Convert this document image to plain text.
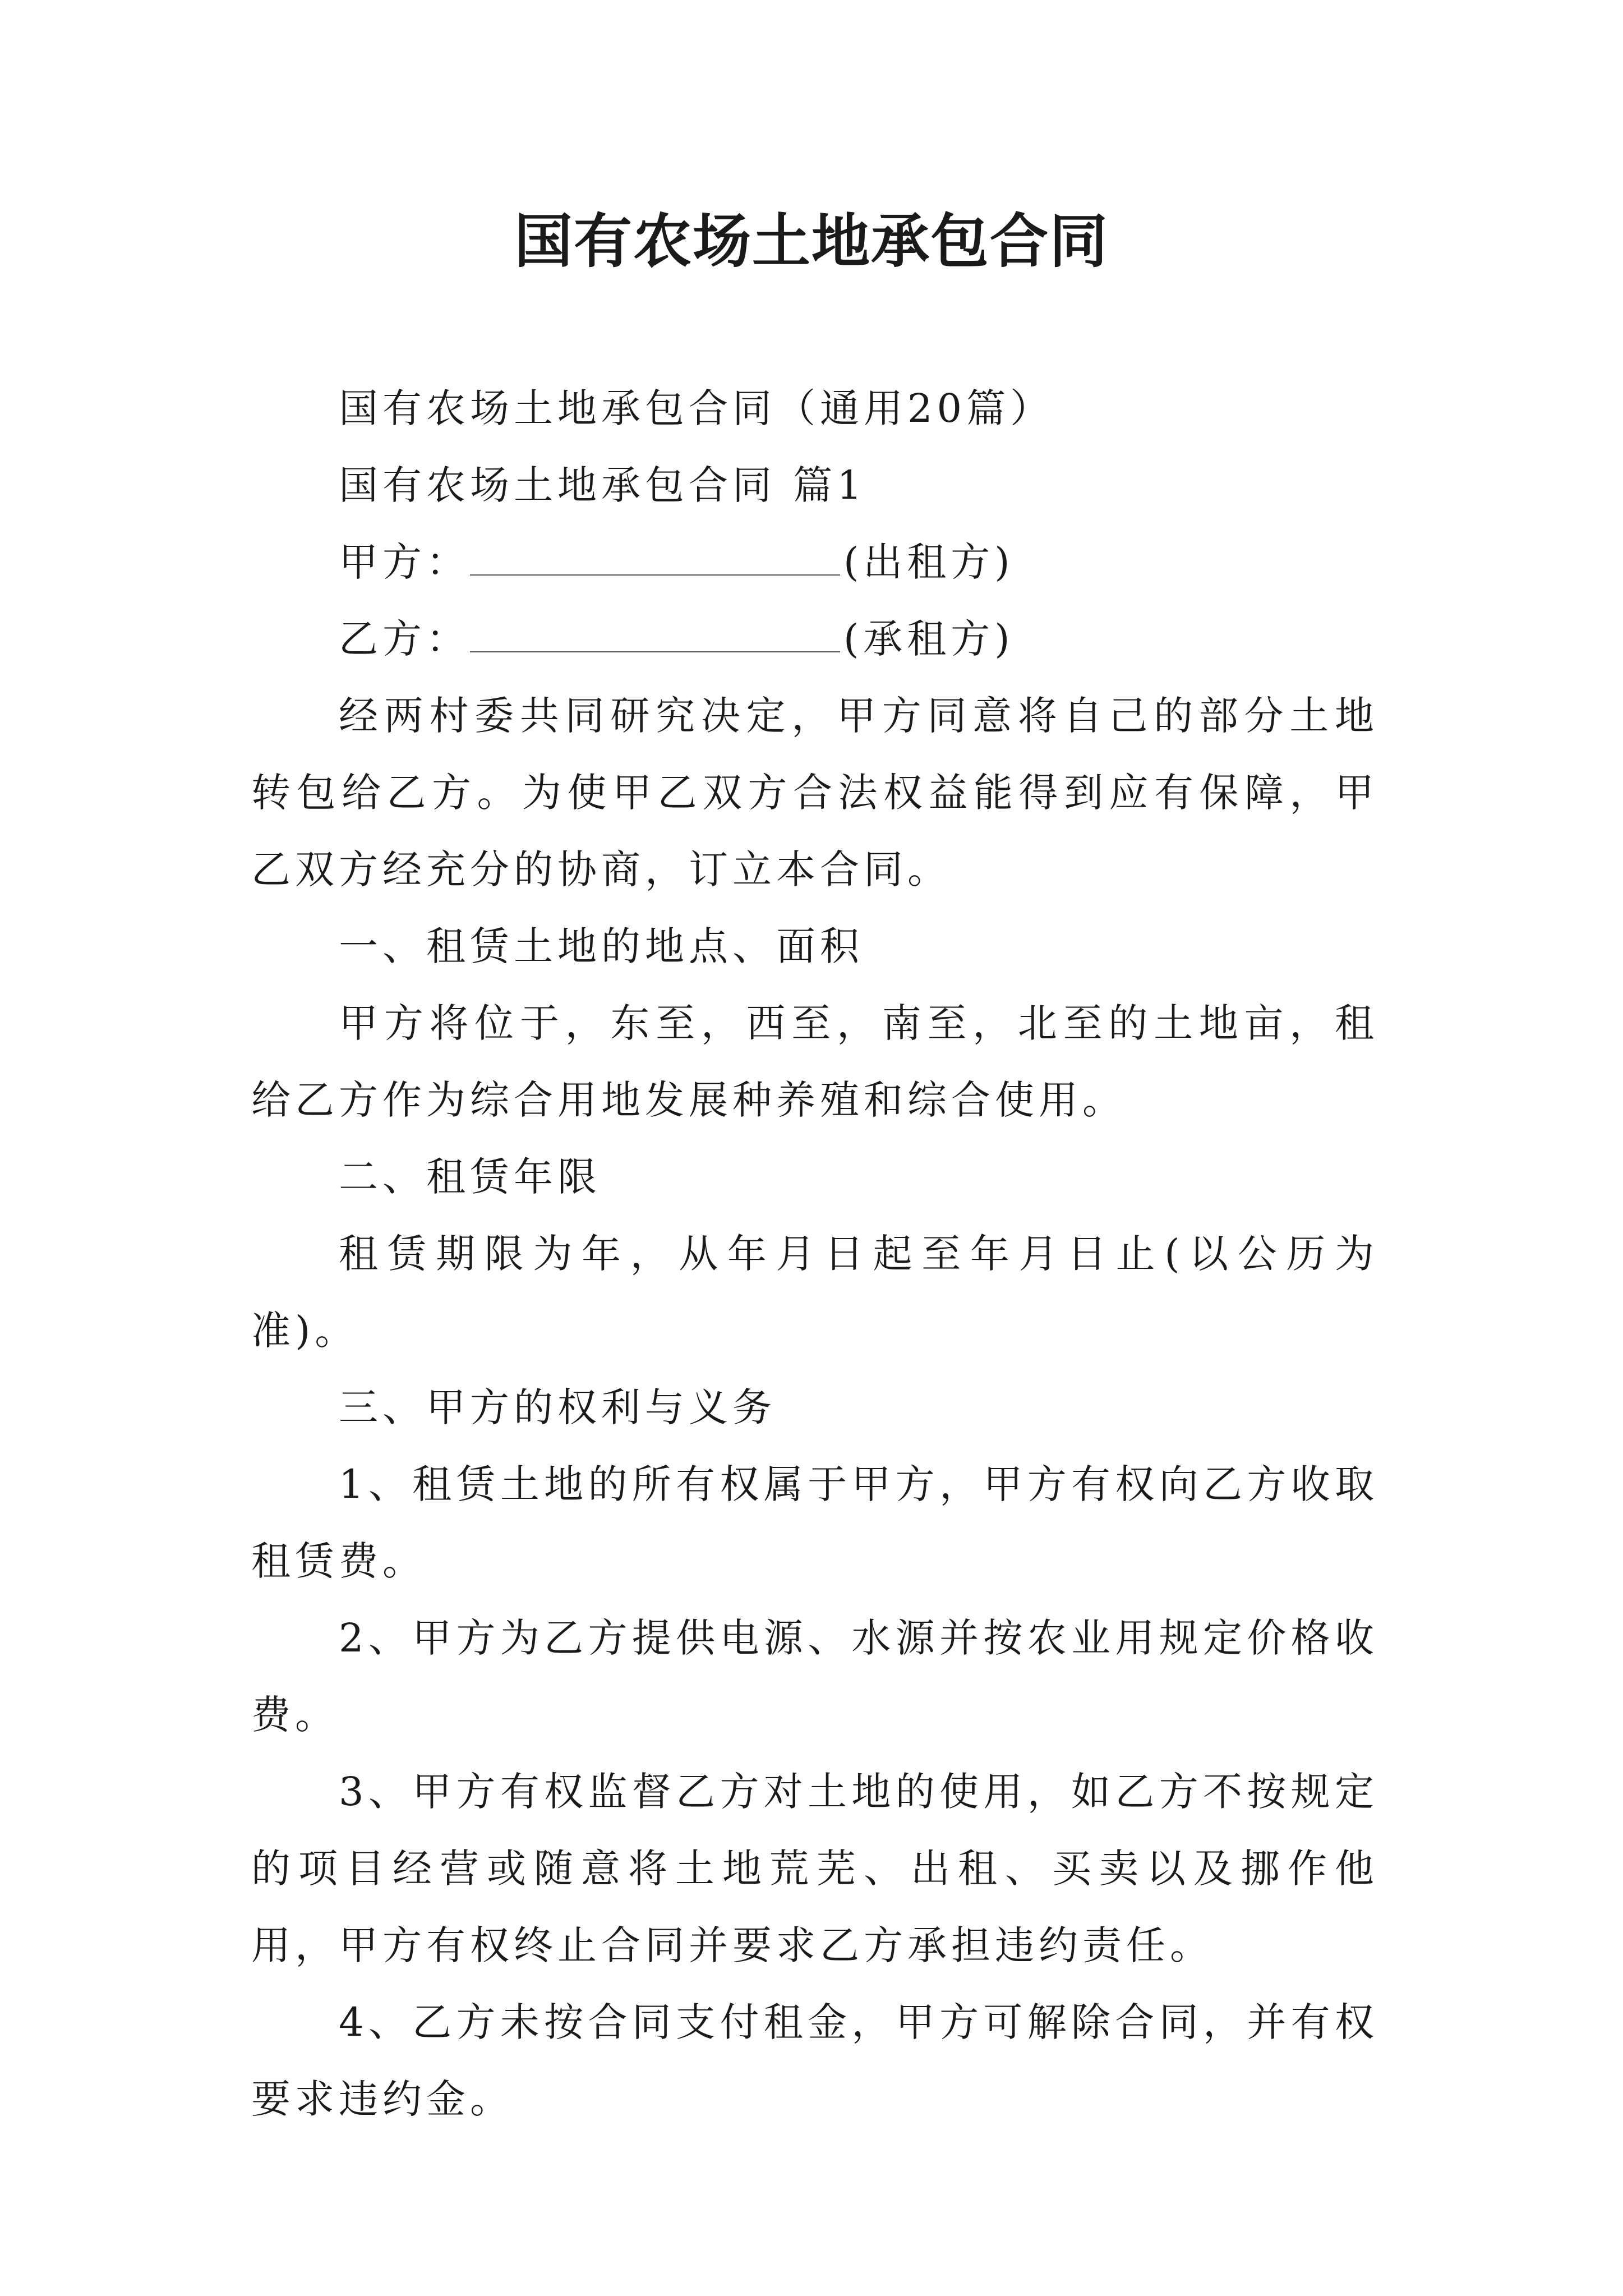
国有农场土地承包合同

国有农场土地承包合同（通用20篇）

国有农场土地承包合同 篇1

甲方：	(出租方)

乙方：	(承租方)

经两村委共同研究决定，甲方同意将自己的部分土地转包给乙方。为使甲乙双方合法权益能得到应有保障，甲乙双方经充分的协商，订立本合同。

一、租赁土地的地点、面积

甲方将位于，东至，西至，南至，北至的土地亩，租给乙方作为综合用地发展种养殖和综合使用。

二、租赁年限

租赁期限为年，从年月日起至年月日止(以公历为准)。

三、甲方的权利与义务

1、租赁土地的所有权属于甲方，甲方有权向乙方收取租赁费。

2、甲方为乙方提供电源、水源并按农业用规定价格收费。

3、甲方有权监督乙方对土地的使用，如乙方不按规定的项目经营或随意将土地荒芜、出租、买卖以及挪作他用，甲方有权终止合同并要求乙方承担违约责任。

4、乙方未按合同支付租金，甲方可解除合同，并有权要求违约金。
